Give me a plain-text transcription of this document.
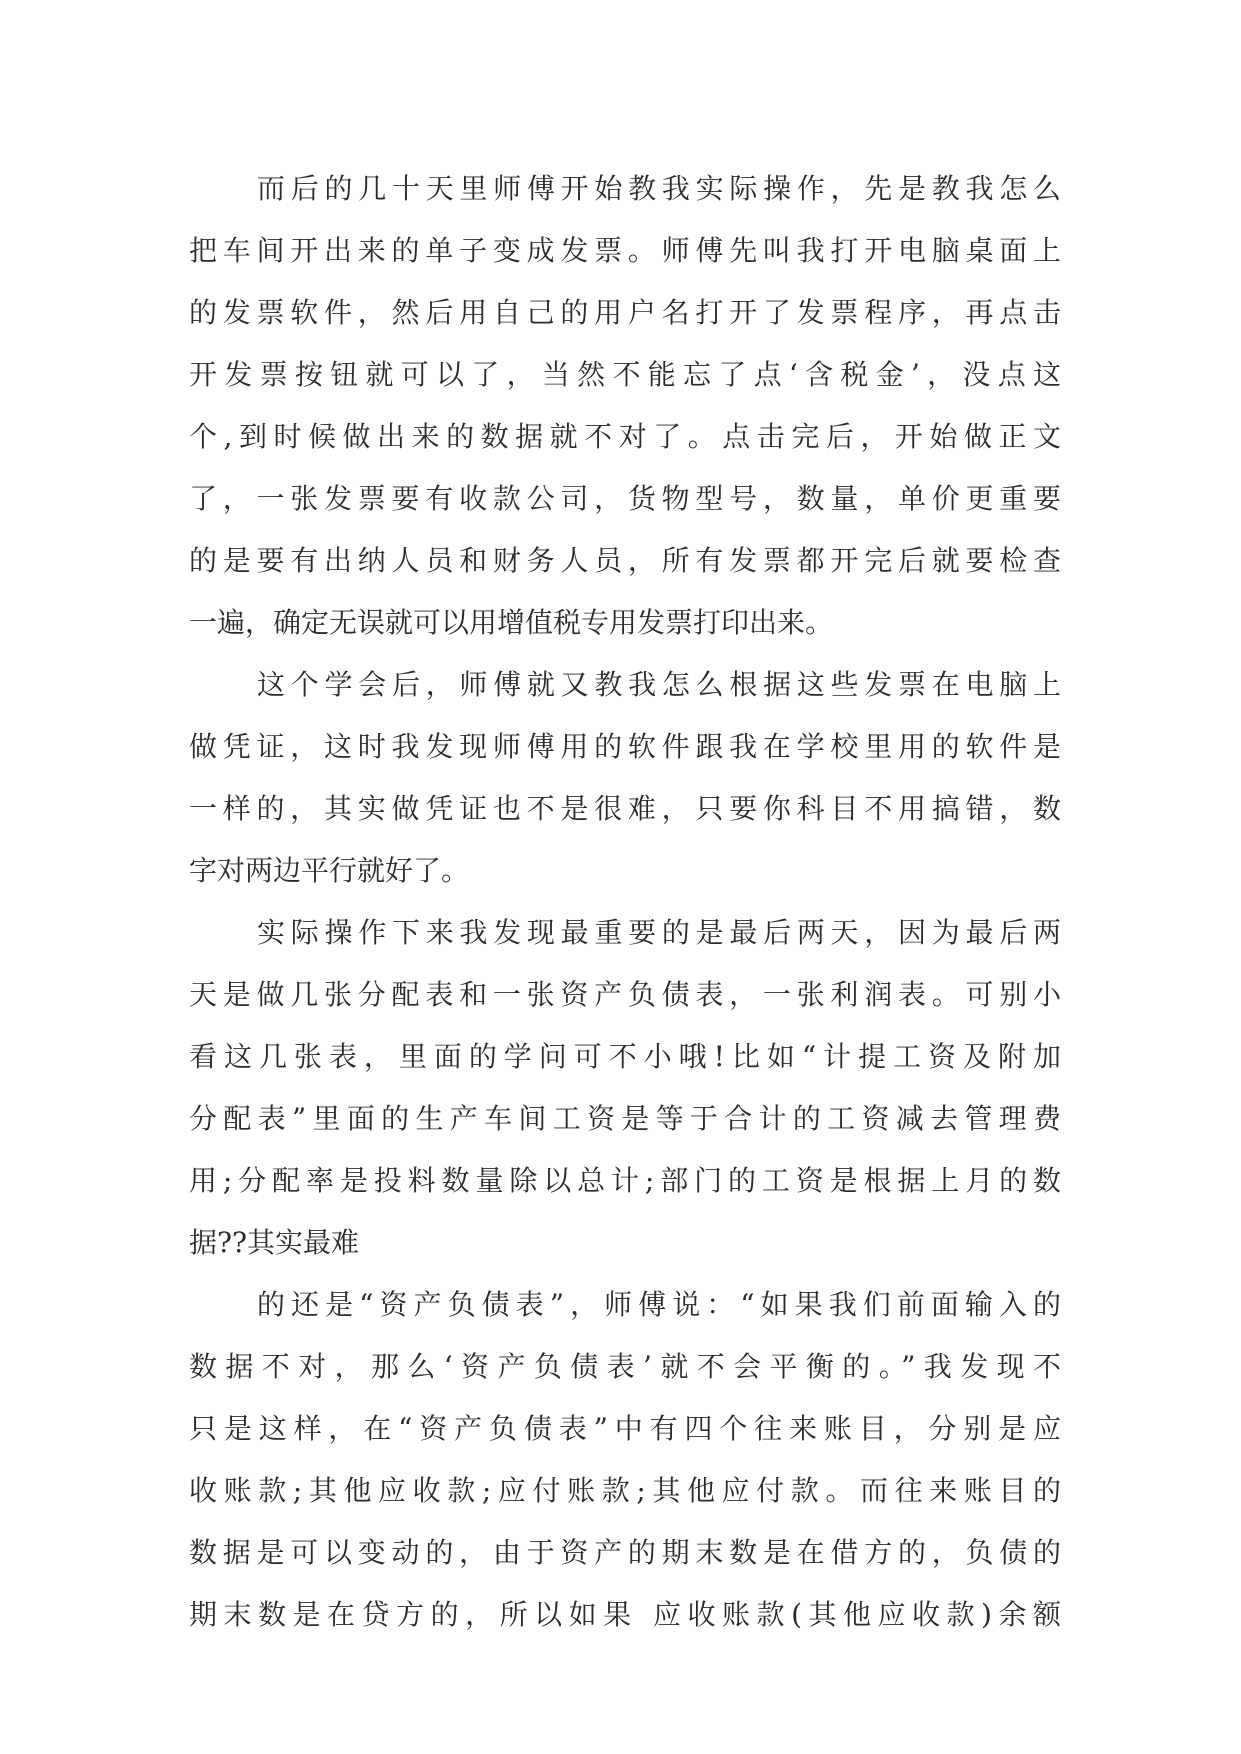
而后的几十天里师傅开始教我实际操作，先是教我怎么
把车间开出来的单子变成发票。师傅先叫我打开电脑桌面上
的发票软件，然后用自己的用户名打开了发票程序，再点击
开发票按钮就可以了，当然不能忘了点‘含税金’，没点这
个,到时候做出来的数据就不对了。点击完后，开始做正文
了，一张发票要有收款公司，货物型号，数量，单价更重要
的是要有出纳人员和财务人员，所有发票都开完后就要检查
一遍，确定无误就可以用增值税专用发票打印出来。
这个学会后，师傅就又教我怎么根据这些发票在电脑上
做凭证，这时我发现师傅用的软件跟我在学校里用的软件是
一样的，其实做凭证也不是很难，只要你科目不用搞错，数
字对两边平行就好了。
实际操作下来我发现最重要的是最后两天，因为最后两
天是做几张分配表和一张资产负债表，一张利润表。可别小
看这几张表，里面的学问可不小哦!比如“计提工资及附加
分配表”里面的生产车间工资是等于合计的工资减去管理费
用;分配率是投料数量除以总计;部门的工资是根据上月的数
据??其实最难
的还是“资产负债表”，师傅说：“如果我们前面输入的
数据不对，那么‘资产负债表’就不会平衡的。”我发现不
只是这样，在“资产负债表”中有四个往来账目，分别是应
收账款;其他应收款;应付账款;其他应付款。而往来账目的
数据是可以变动的，由于资产的期末数是在借方的，负债的
期末数是在贷方的，所以如果 应收账款(其他应收款)余额
